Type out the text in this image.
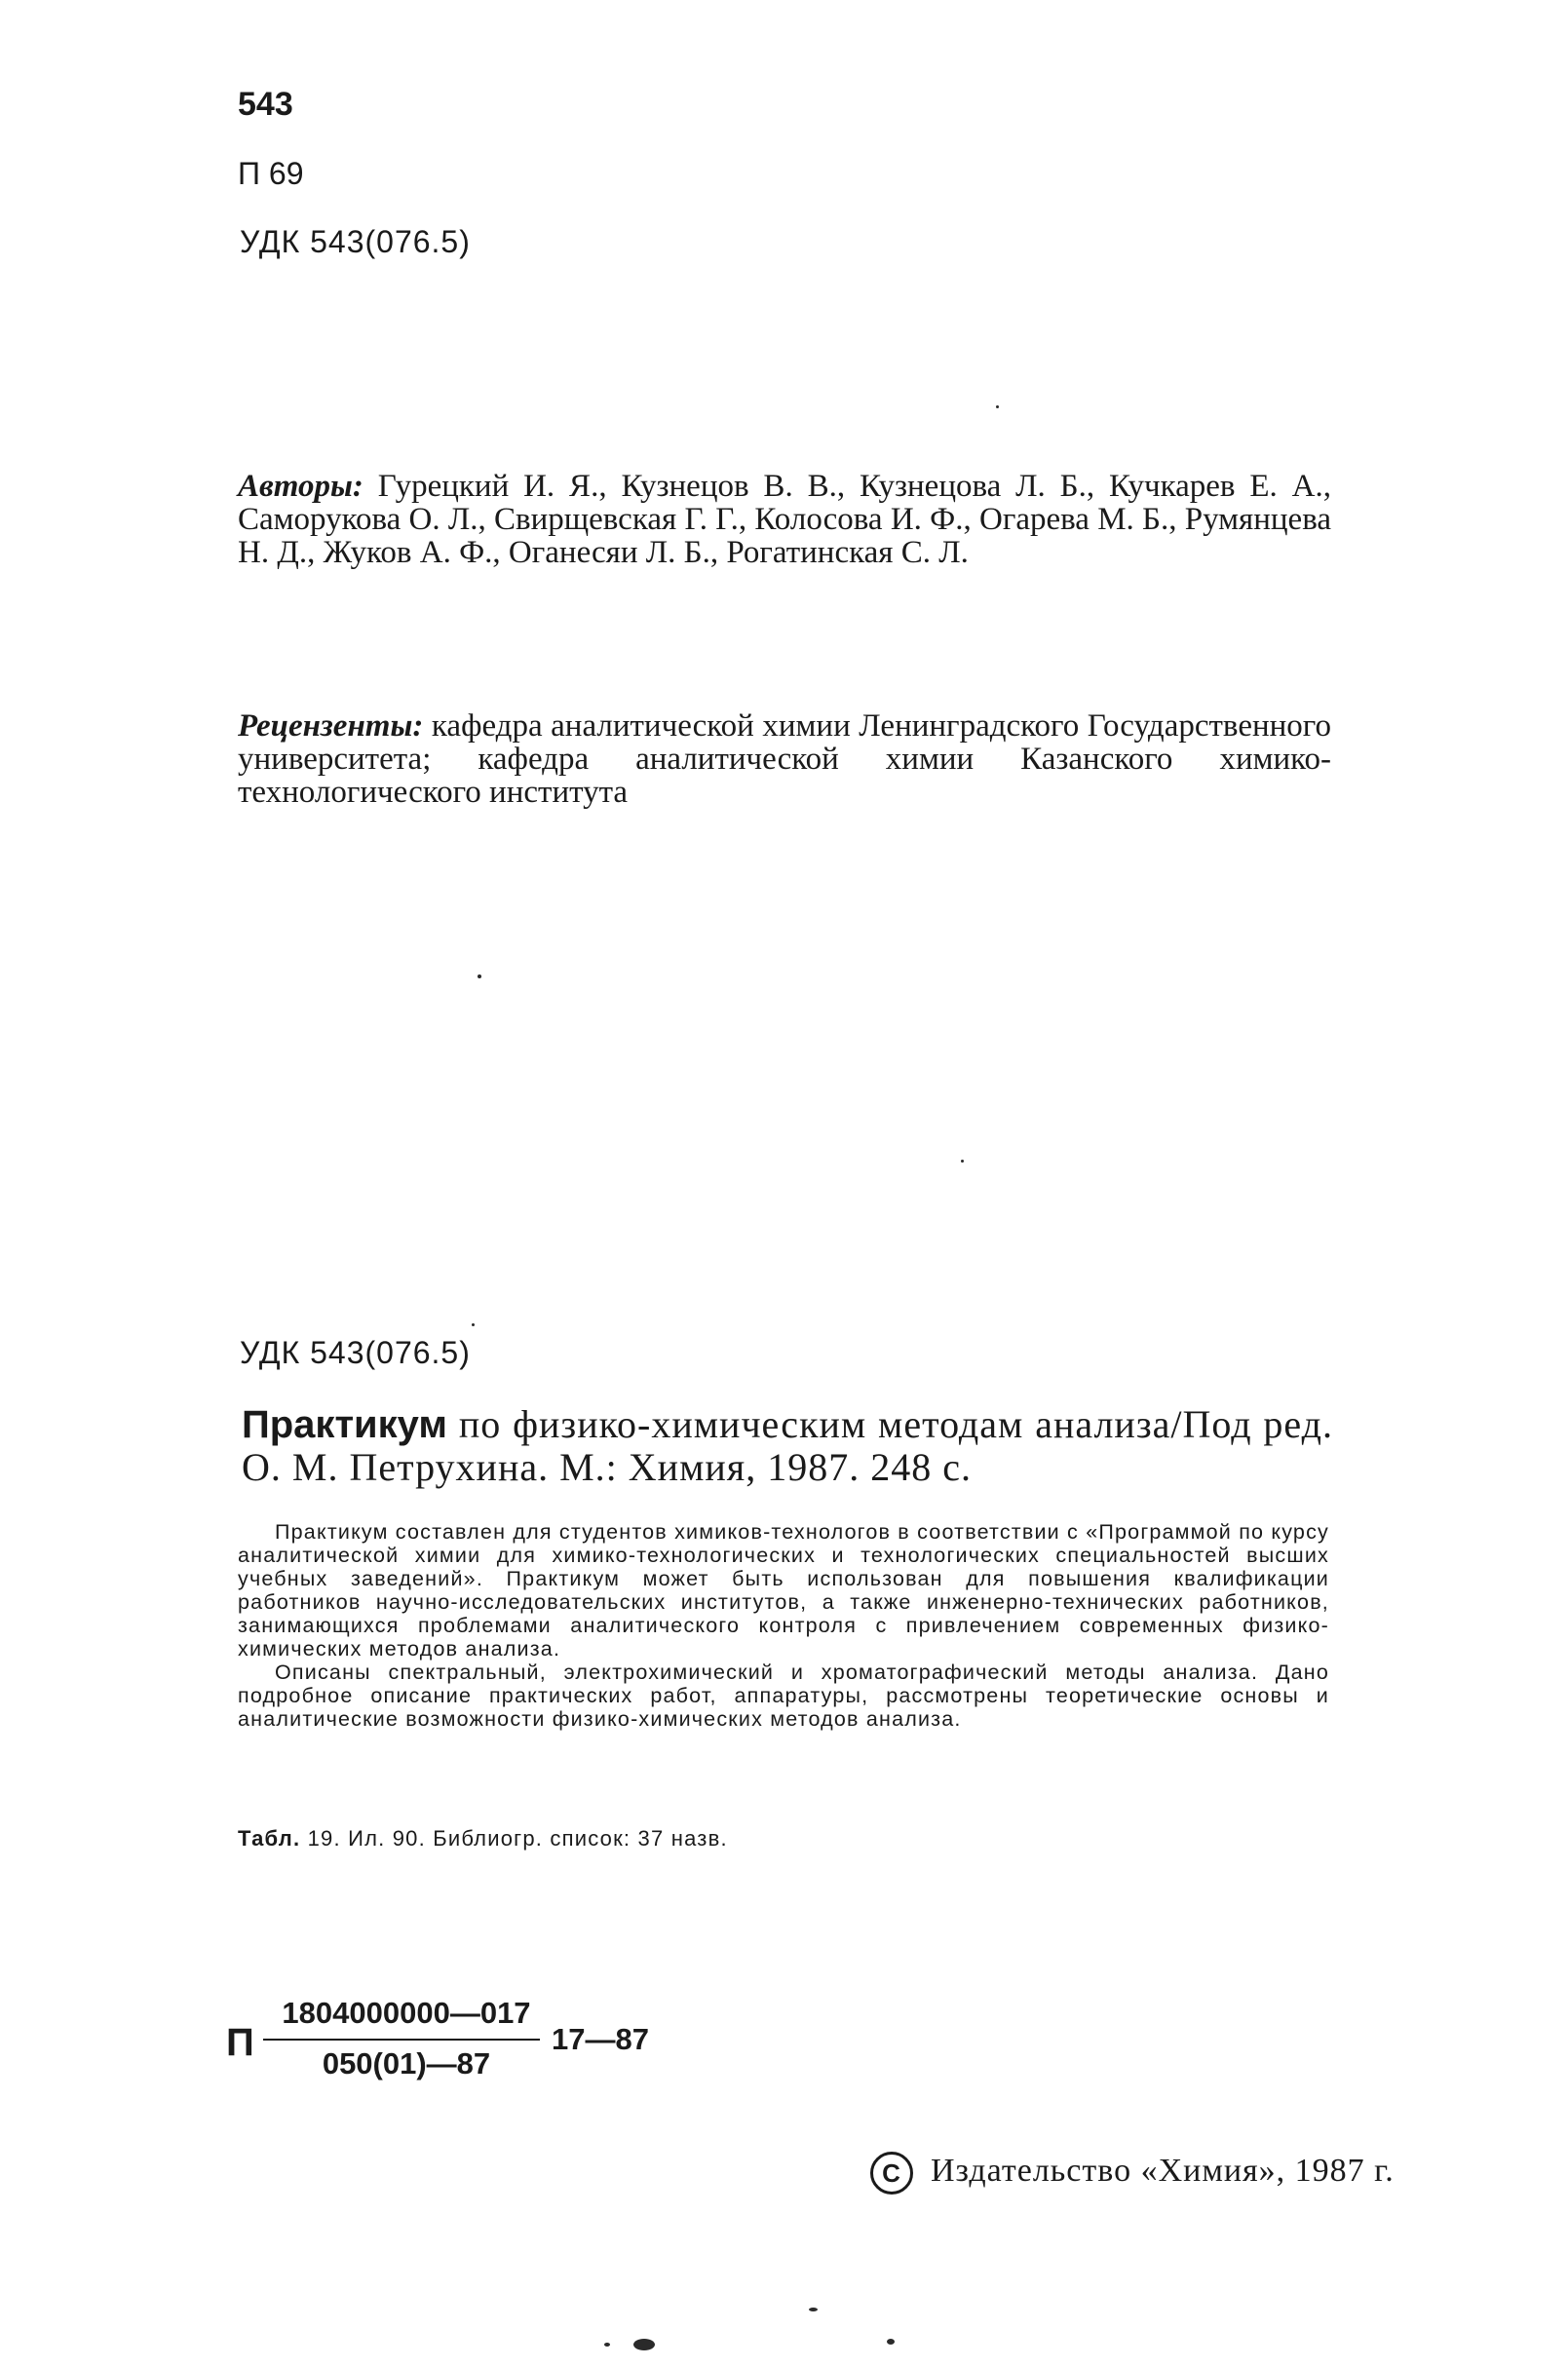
543
П 69
УДК 543(076.5)
Авторы: Гурецкий И. Я., Кузнецов В. В., Кузнецова Л. Б., Кучкарев Е. А., Саморукова О. Л., Свирщевская Г. Г., Колосова И. Ф., Огарева М. Б., Румянцева Н. Д., Жуков А. Ф., Оганесяи Л. Б., Рогатинская С. Л.
Рецензенты: кафедра аналитической химии Ленинградского Государственного университета; кафедра аналитической химии Казанского химико-технологического института
УДК 543(076.5)
Практикум по физико-химическим методам анализа/Под ред. О. М. Петрухина. М.: Химия, 1987. 248 с.

Практикум составлен для студентов химиков-технологов в соответствии с «Программой по курсу аналитической химии для химико-технологических и технологических специальностей высших учебных заведений». Практикум может быть использован для повышения квалификации работников научно-исследовательских институтов, а также инженерно-технических работников, занимающихся проблемами аналитического контроля с привлечением современных физико-химических методов анализа.

Описаны спектральный, электрохимический и хроматографический методы анализа. Дано подробное описание практических работ, аппаратуры, рассмотрены теоретические основы и аналитические возможности физико-химических методов анализа.

Табл. 19. Ил. 90. Библиогр. список: 37 назв.
П
1804000000—017
050(01)—87
17—87
C Издательство «Химия», 1987 г.
